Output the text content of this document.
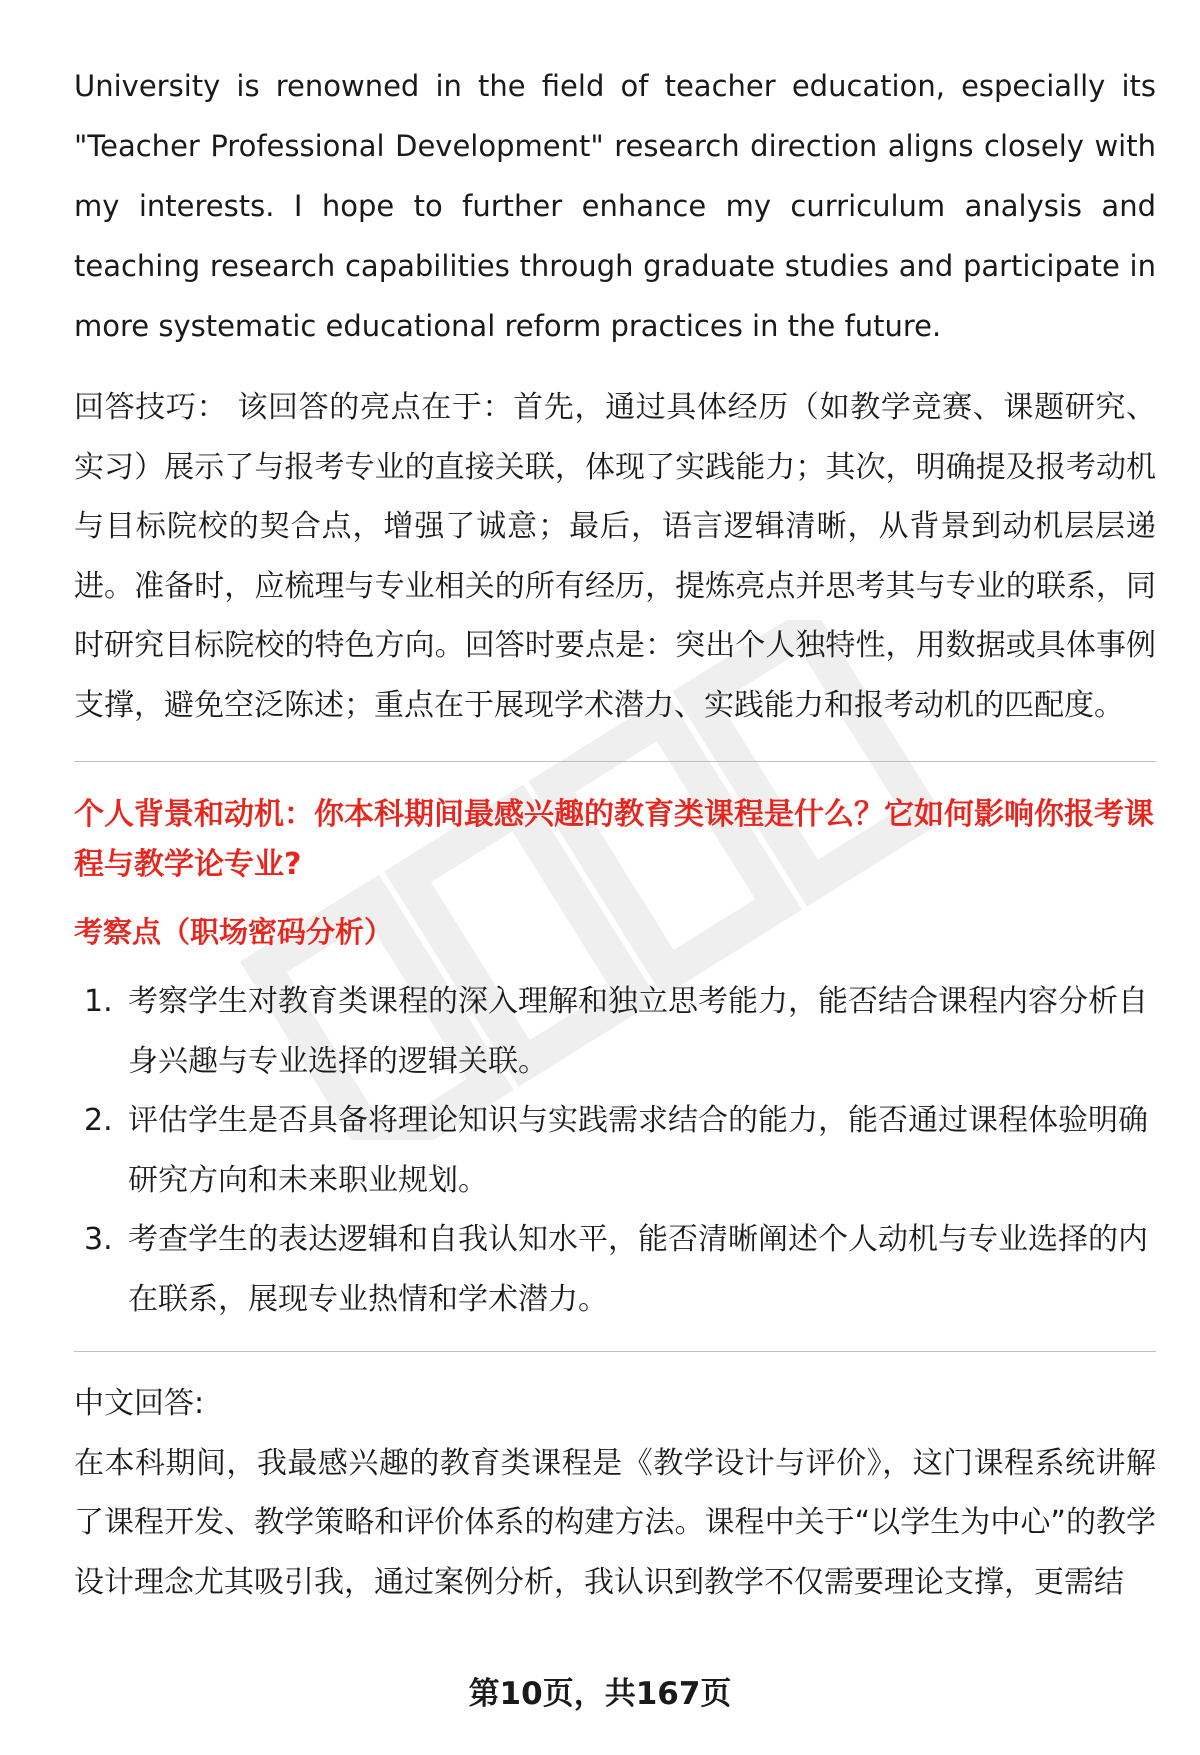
University is renowned in the field of teacher education, especially its "Teacher Professional Development" research direction aligns closely with my interests. I hope to further enhance my curriculum analysis and teaching research capabilities through graduate studies and participate in more systematic educational reform practices in the future.

回答技巧： 该回答的亮点在于：首先，通过具体经历（如教学竞赛、课题研究、实习）展示了与报考专业的直接关联，体现了实践能力；其次，明确提及报考动机与目标院校的契合点，增强了诚意；最后，语言逻辑清晰，从背景到动机层层递进。准备时，应梳理与专业相关的所有经历，提炼亮点并思考其与专业的联系，同时研究目标院校的特色方向。回答时要点是：突出个人独特性，用数据或具体事例支撑，避免空泛陈述；重点在于展现学术潜力、实践能力和报考动机的匹配度。

个人背景和动机：你本科期间最感兴趣的教育类课程是什么？它如何影响你报考课程与教学论专业?

考察点（职场密码分析）

1. 考察学生对教育类课程的深入理解和独立思考能力，能否结合课程内容分析自身兴趣与专业选择的逻辑关联。
2. 评估学生是否具备将理论知识与实践需求结合的能力，能否通过课程体验明确研究方向和未来职业规划。
3. 考查学生的表达逻辑和自我认知水平，能否清晰阐述个人动机与专业选择的内在联系，展现专业热情和学术潜力。

中文回答:

在本科期间，我最感兴趣的教育类课程是《教学设计与评价》，这门课程系统讲解了课程开发、教学策略和评价体系的构建方法。课程中关于“以学生为中心”的教学设计理念尤其吸引我，通过案例分析，我认识到教学不仅需要理论支撑，更需结

第10页，共167页
